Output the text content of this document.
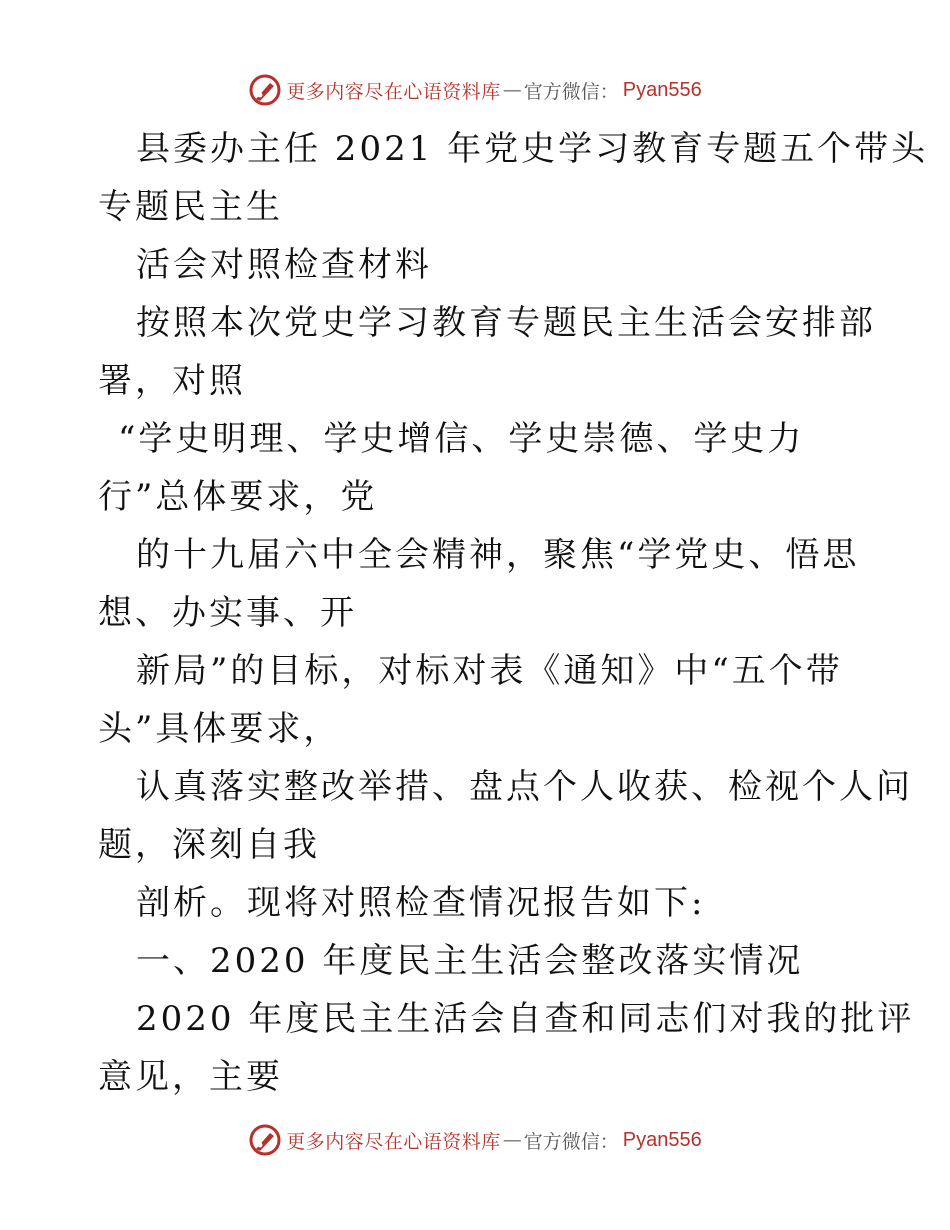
更多内容尽在心语资料库 — 官方微信： Pyan556
县委办主任 2021 年党史学习教育专题五个带头
专题民主生
活会对照检查材料
按照本次党史学习教育专题民主生活会安排部
署，对照
“学史明理、学史增信、学史崇德、学史力
行”总体要求，党
的十九届六中全会精神，聚焦“学党史、悟思
想、办实事、开
新局”的目标，对标对表《通知》中“五个带
头”具体要求，
认真落实整改举措、盘点个人收获、检视个人问
题，深刻自我
剖析。现将对照检查情况报告如下:
一、2020 年度民主生活会整改落实情况
2020 年度民主生活会自查和同志们对我的批评
意见，主要
更多内容尽在心语资料库 — 官方微信： Pyan556
